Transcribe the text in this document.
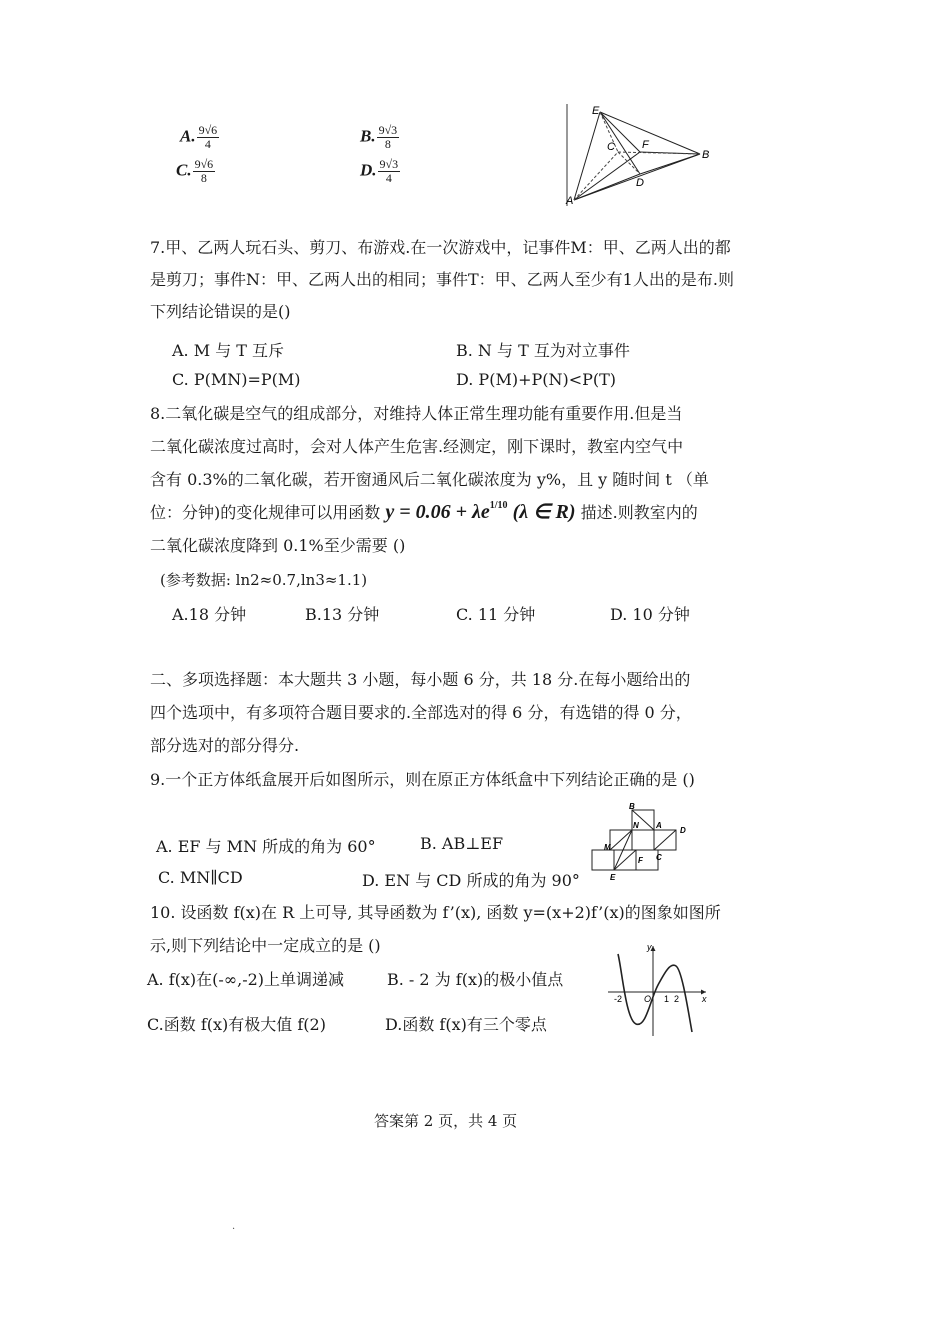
A. $\frac{9√6}{4}$	B. $\frac{9√3}{8}$
C. $\frac{9√6}{8}$	D. $\frac{9√3}{4}$
E
C F
B
D
A
7.甲、乙两人玩石头、剪刀、布游戏.在一次游戏中，记事件M：甲、乙两人出的都
是剪刀；事件N：甲、乙两人出的相同；事件T：甲、乙两人至少有1人出的是布.则
下列结论错误的是()
A. M 与 T 互斥	B. N 与 T 互为对立事件
C. P(MN)=P(M)	D. P(M)+P(N)<P(T)
8.二氧化碳是空气的组成部分，对维持人体正常生理功能有重要作用.但是当
二氧化碳浓度过高时，会对人体产生危害.经测定，刚下课时，教室内空气中
含有 0.3%的二氧化碳，若开窗通风后二氧化碳浓度为 y%，且 y 随时间 t （单
位：分钟)的变化规律可以用函数 $y = 0.06 + \lambda e^{1/10}$ (λ ∈ R) 描述.则教室内的
二氧化碳浓度降到 0.1%至少需要 ()
(参考数据: ln2≈0.7,ln3≈1.1)
A.18 分钟	B.13 分钟	C. 11 分钟	D. 10 分钟
二、多项选择题：本大题共 3 小题，每小题 6 分，共 18 分.在每小题给出的
四个选项中，有多项符合题目要求的.全部选对的得 6 分，有选错的得 0 分，
部分选对的部分得分.
9.一个正方体纸盒展开后如图所示，则在原正方体纸盒中下列结论正确的是 ()
A. EF 与 MN 所成的角为 60°	B. AB⊥EF
C. MN∥CD	D. EN 与 CD 所成的角为 90°
B
N A
D
M
F C
E
10. 设函数 f(x)在 R 上可导, 其导函数为 f’(x), 函数 y=(x+2)f’(x)的图象如图所
示,则下列结论中一定成立的是 ()
A. f(x)在(-∞,-2)上单调递减	B. - 2 为 f(x)的极小值点
C.函数 f(x)有极大值 f(2)	D.函数 f(x)有三个零点
y
x
O
-2	1 2
答案第 2 页，共 4 页
·
